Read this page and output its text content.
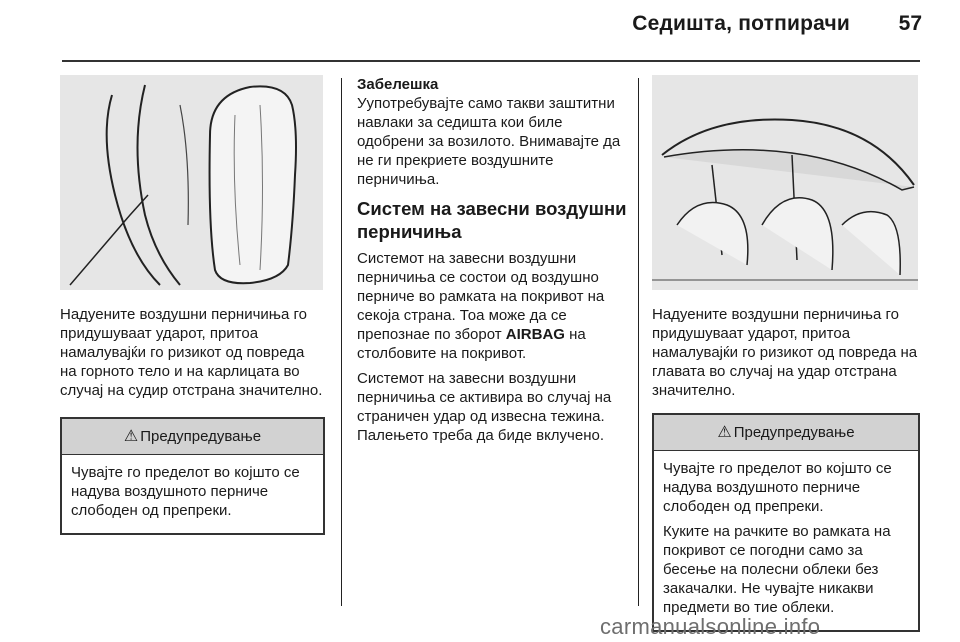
Седишта, потпирачи	57

Надуените воздушни перничиња го придушуваат ударот, притоа намалувајќи го ризикот од повреда на горното тело и на карлицата во случај на судир отстрана значително.

⚠ Предупредување

Чувајте го пределот во којшто се надува воздушното перниче слободен од препреки.

Забелешка

Уупотребувајте само такви заштитни навлаки за седишта кои биле одобрени за возилото. Внимавајте да не ги прекриете воздушните перничиња.

Систем на завесни воздушни перничиња

Системот на завесни воздушни перничиња се состои од воздушно перниче во рамката на покривот на секоја страна. Тоа може да се препознае по зборот AIRBAG на столбовите на покривот.

Системот на завесни воздушни перничиња се активира во случај на страничен удар од извесна тежина. Палењето треба да биде вклучено.

Надуените воздушни перничиња го придушуваат ударот, притоа намалувајќи го ризикот од повреда на главата во случај на удар отстрана значително.

⚠ Предупредување

Чувајте го пределот во којшто се надува воздушното перниче слободен од препреки.

Куките на рачките во рамката на покривот се погодни само за бесење на полесни облеки без закачалки. Не чувајте никакви предмети во тие облеки.

carmanualsonline.info
